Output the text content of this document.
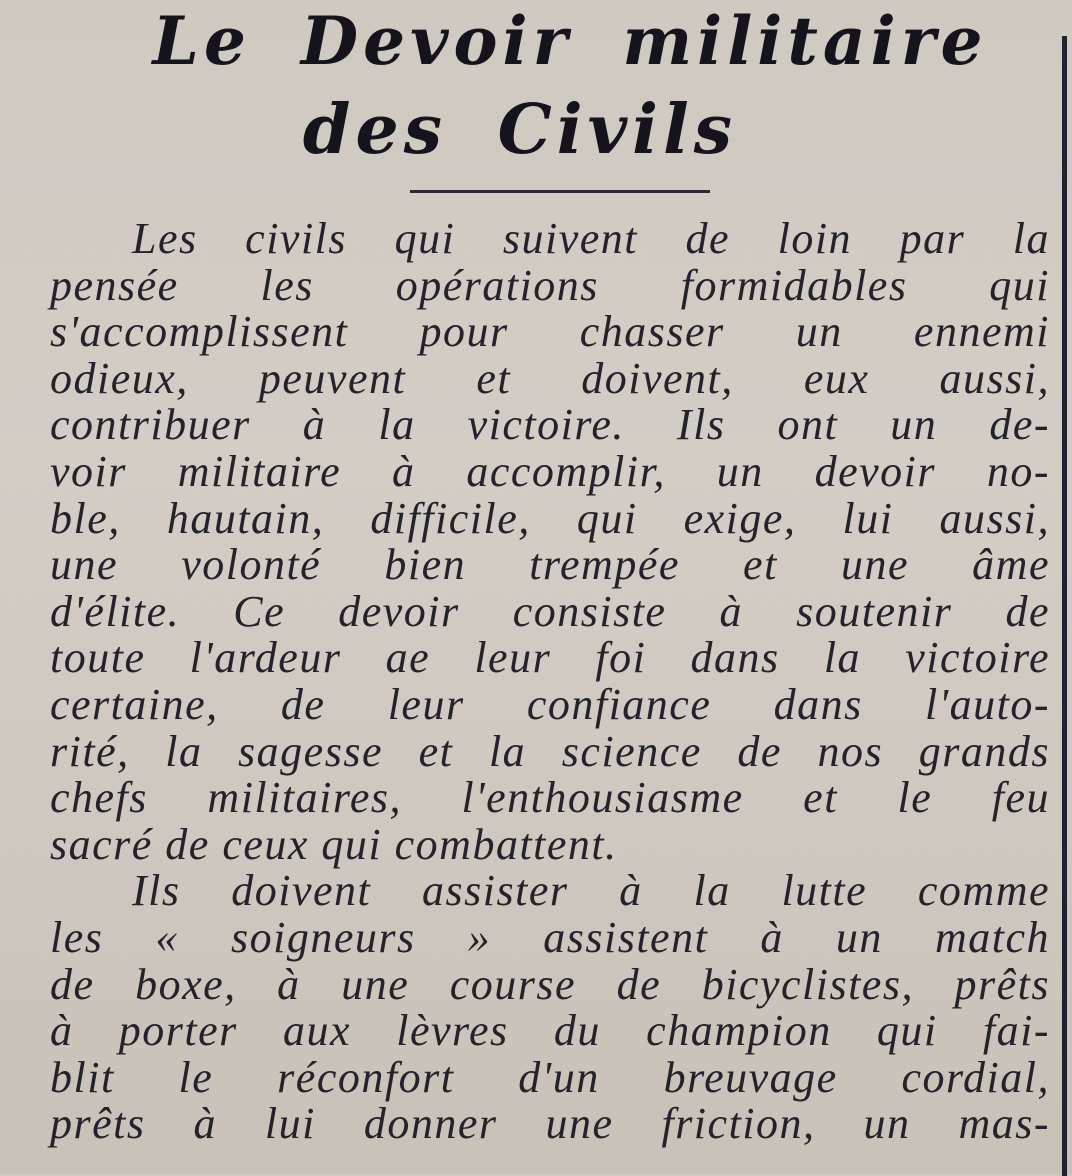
Le Devoir militaire
des Civils
Les civils qui suivent de loin par la
pensée les opérations formidables qui
s'accomplissent pour chasser un ennemi
odieux, peuvent et doivent, eux aussi,
contribuer à la victoire. Ils ont un de-
voir militaire à accomplir, un devoir no-
ble, hautain, difficile, qui exige, lui aussi,
une volonté bien trempée et une âme
d'élite. Ce devoir consiste à soutenir de
toute l'ardeur ae leur foi dans la victoire
certaine, de leur confiance dans l'auto-
rité, la sagesse et la science de nos grands
chefs militaires, l'enthousiasme et le feu
sacré de ceux qui combattent.
Ils doivent assister à la lutte comme
les « soigneurs » assistent à un match
de boxe, à une course de bicyclistes, prêts
à porter aux lèvres du champion qui fai-
blit le réconfort d'un breuvage cordial,
prêts à lui donner une friction, un mas-
